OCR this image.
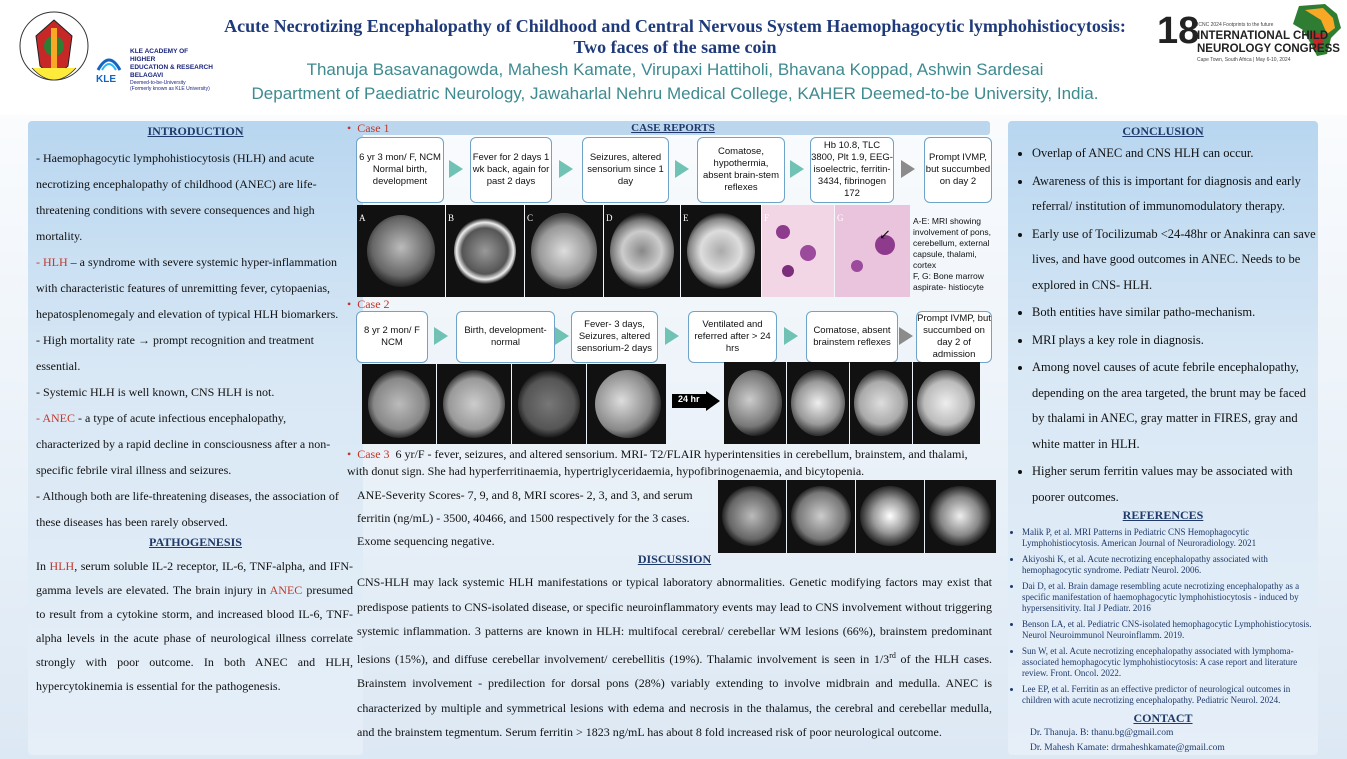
KLE
KLE ACADEMY OF HIGHER
EDUCATION & RESEARCH
BELAGAVI
Deemed-to-be-University
(Formerly known as KLE University)
Acute Necrotizing Encephalopathy of Childhood and Central Nervous System Haemophagocytic lymphohistiocytosis:
Two faces of the same coin
Thanuja Basavanagowda, Mahesh Kamate, Virupaxi Hattiholi, Bhavana Koppad, Ashwin Sardesai
Department of Paediatric Neurology, Jawaharlal Nehru Medical College, KAHER Deemed-to-be University, India.
18
ICNC 2024 Footprints to the future
INTERNATIONAL CHILD
NEUROLOGY CONGRESS
Cape Town, South Africa | May 6-10, 2024
INTRODUCTION
- Haemophagocytic lymphohistiocytosis (HLH) and acute necrotizing encephalopathy of childhood (ANEC) are life-threatening conditions with severe consequences and high mortality.
- HLH – a syndrome with severe systemic hyper-inflammation with characteristic features of unremitting fever, cytopaenias, hepatosplenomegaly and elevation of typical HLH biomarkers.
- High mortality rate → prompt recognition and treatment essential.
- Systemic HLH is well known, CNS HLH is not.
- ANEC - a type of acute infectious encephalopathy, characterized by a rapid decline in consciousness after a non-specific febrile viral illness and seizures.
- Although both are life-threatening diseases, the association of these diseases has been rarely observed.
PATHOGENESIS
In HLH, serum soluble IL-2 receptor, IL-6, TNF-alpha, and IFN-gamma levels are elevated. The brain injury in ANEC presumed to result from a cytokine storm, and increased blood IL-6, TNF-alpha levels in the acute phase of neurological illness correlate strongly with poor outcome. In both ANEC and HLH, hypercytokinemia is essential for the pathogenesis.
CASE REPORTS
•  Case 1
6 yr 3 mon/ F, NCM
Normal birth, development
Fever for 2 days 1 wk back, again for past 2 days
Seizures, altered sensorium since 1 day
Comatose, hypothermia, absent brain-stem reflexes
Hb 10.8, TLC 3800, Plt 1.9, EEG- isoelectric, ferritin- 3434, fibrinogen 172
Prompt IVMP, but succumbed on day 2
↙
A	B	C	D	E	F	G	A-E: MRI showing involvement of pons, cerebellum, external capsule, thalami, cortex
F, G: Bone marrow aspirate- histiocyte
•  Case 2
8 yr 2 mon/ F
NCM
Birth, development- normal
Fever- 3 days, Seizures, altered sensorium-2 days
Ventilated and referred after > 24 hrs
Comatose, absent brainstem reflexes
Prompt IVMP, but succumbed on day 2 of admission
24 hr
•  Case 3 6 yr/F - fever, seizures, and altered sensorium. MRI- T2/FLAIR hyperintensities in cerebellum, brainstem, and thalami, with donut sign. She had hyperferritinaemia, hypertriglyceridaemia, hypofibrinogenaemia, and bicytopenia.
ANE-Severity Scores- 7, 9, and 8, MRI scores- 2, 3, and 3, and serum ferritin (ng/mL) - 3500, 40466, and 1500 respectively for the 3 cases. Exome sequencing negative.
DISCUSSION
CNS-HLH may lack systemic HLH manifestations or typical laboratory abnormalities. Genetic modifying factors may exist that predispose patients to CNS-isolated disease, or specific neuroinflammatory events may lead to CNS involvement without triggering systemic inflammation. 3 patterns are known in HLH: multifocal cerebral/ cerebellar WM lesions (66%), brainstem predominant lesions (15%), and diffuse cerebellar involvement/ cerebellitis (19%). Thalamic involvement is seen in 1/3rd of the HLH cases. Brainstem involvement - predilection for dorsal pons (28%) variably extending to involve midbrain and medulla. ANEC is characterized by multiple and symmetrical lesions with edema and necrosis in the thalamus, the cerebral and cerebellar medulla, and the brainstem tegmentum. Serum ferritin > 1823 ng/mL has about 8 fold increased risk of poor neurological outcome.
CONCLUSION
• Overlap of ANEC and CNS HLH can occur.
• Awareness of this is important for diagnosis and early referral/ institution of immunomodulatory therapy.
• Early use of Tocilizumab <24-48hr or Anakinra can save lives, and have good outcomes in ANEC. Needs to be explored in CNS- HLH.
• Both entities have similar patho-mechanism.
• MRI plays a key role in diagnosis.
• Among novel causes of acute febrile encephalopathy, depending on the area targeted, the brunt may be faced by thalami in ANEC, gray matter in FIRES, gray and white matter in HLH.
• Higher serum ferritin values may be associated with poorer outcomes.
REFERENCES
• Malik P, et al. MRI Patterns in Pediatric CNS Hemophagocytic Lymphohistiocytosis. American Journal of Neuroradiology. 2021
• Akiyoshi K, et al. Acute necrotizing encephalopathy associated with hemophagocytic syndrome. Pediatr Neurol. 2006.
• Dai D, et al. Brain damage resembling acute necrotizing encephalopathy as a specific manifestation of haemophagocytic lymphohistiocytosis - induced by hypersensitivity. Ital J Pediatr. 2016
• Benson LA, et al. Pediatric CNS-isolated hemophagocytic Lymphohistiocytosis. Neurol Neuroimmunol Neuroinflamm. 2019.
• Sun W, et al. Acute necrotizing encephalopathy associated with lymphoma-associated hemophagocytic lymphohistiocytosis: A case report and literature review. Front. Oncol. 2022.
• Lee EP, et al. Ferritin as an effective predictor of neurological outcomes in children with acute necrotizing encephalopathy. Pediatric Neurol. 2024.
CONTACT
Dr. Thanuja. B: thanu.bg@gmail.com
Dr. Mahesh Kamate: drmaheshkamate@gmail.com
